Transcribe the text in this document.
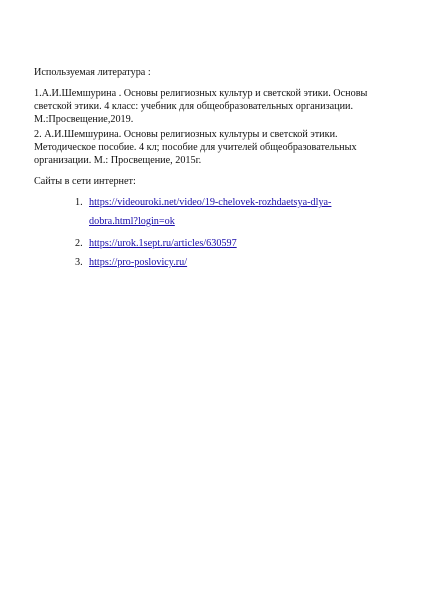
Используемая литература :

1.А.И.Шемшурина . Основы религиозных культур и светской этики. Основы
светской этики. 4 класс: учебник для общеобразовательных организации.
М.:Просвещение,2019.

2. А.И.Шемшурина. Основы религиозных культуры и светской этики.
Методическое пособие. 4 кл; пособие для учителей общеобразовательных
организации. М.: Просвещение, 2015г.

Сайты в сети интернет:

1. https://videouroki.net/video/19-chelovek-rozhdaetsya-dlya-
dobra.html?login=ok
2. https://urok.1sept.ru/articles/630597
3. https://pro-poslovicy.ru/
